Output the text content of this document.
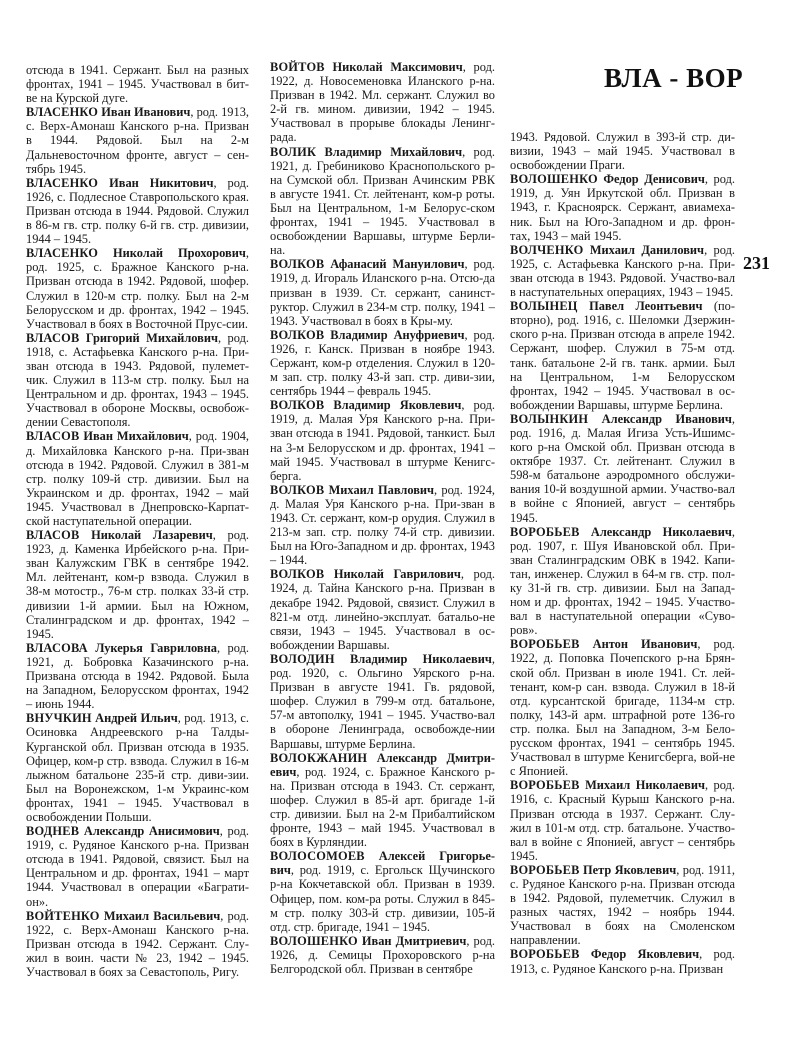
ВЛА - ВОР
231

отсюда в 1941. Сержант. Был на разных фронтах, 1941 – 1945. Участвовал в бит-ве на Курской дуге.

ВЛАСЕНКО Иван Иванович, род. 1913, с. Верх-Амонаш Канского р-на. Призван в 1944. Рядовой. Был на 2-м Дальневосточном фронте, август – сен-тябрь 1945.

ВЛАСЕНКО Иван Никитович, род. 1926, с. Подлесное Ставропольского края. Призван отсюда в 1944. Рядовой. Служил в 86-м гв. стр. полку 6-й гв. стр. дивизии, 1944 – 1945.

ВЛАСЕНКО Николай Прохорович, род. 1925, с. Бражное Канского р-на. Призван отсюда в 1942. Рядовой, шофер. Служил в 120-м стр. полку. Был на 2-м Белорусском и др. фронтах, 1942 – 1945. Участвовал в боях в Восточной Прус-сии.

ВЛАСОВ Григорий Михайлович, род. 1918, с. Астафьевка Канского р-на. При-зван отсюда в 1943. Рядовой, пулемет-чик. Служил в 113-м стр. полку. Был на Центральном и др. фронтах, 1943 – 1945. Участвовал в обороне Москвы, освобож-дении Севастополя.

ВЛАСОВ Иван Михайлович, род. 1904, д. Михайловка Канского р-на. При-зван отсюда в 1942. Рядовой. Служил в 381-м стр. полку 109-й стр. дивизии. Был на Украинском и др. фронтах, 1942 – май 1945. Участвовал в Днепровско-Карпат-ской наступательной операции.

ВЛАСОВ Николай Лазаревич, род. 1923, д. Каменка Ирбейского р-на. При-зван Калужским ГВК в сентябре 1942. Мл. лейтенант, ком-р взвода. Служил в 38-м мотостр., 76-м стр. полках 33-й стр. дивизии 1-й армии. Был на Южном, Сталинградском и др. фронтах, 1942 – 1945.

ВЛАСОВА Лукерья Гавриловна, род. 1921, д. Бобровка Казачинского р-на. Призвана отсюда в 1942. Рядовой. Была на Западном, Белорусском фронтах, 1942 – июнь 1944.

ВНУЧКИН Андрей Ильич, род. 1913, с. Осиновка Андреевского р-на Талды-Курганской обл. Призван отсюда в 1935. Офицер, ком-р стр. взвода. Служил в 16-м лыжном батальоне 235-й стр. диви-зии. Был на Воронежском, 1-м Украинс-ком фронтах, 1941 – 1945. Участвовал в освобождении Польши.

ВОДНЕВ Александр Анисимович, род. 1919, с. Рудяное Канского р-на. Призван отсюда в 1941. Рядовой, связист. Был на Центральном и др. фронтах, 1941 – март 1944. Участвовал в операции «Баграти-он».

ВОЙТЕНКО Михаил Васильевич, род. 1922, с. Верх-Амонаш Канского р-на. Призван отсюда в 1942. Сержант. Слу-жил в воин. части № 23, 1942 – 1945. Участвовал в боях за Севастополь, Ригу.

ВОЙТОВ Николай Максимович, род. 1922, д. Новосеменовка Иланского р-на. Призван в 1942. Мл. сержант. Служил во 2-й гв. мином. дивизии, 1942 – 1945. Участвовал в прорыве блокады Ленинг-рада.

ВОЛИК Владимир Михайлович, род. 1921, д. Гребиниково Краснопольского р-на Сумской обл. Призван Ачинским РВК в августе 1941. Ст. лейтенант, ком-р роты. Был на Центральном, 1-м Белорус-ском фронтах, 1941 – 1945. Участвовал в освобождении Варшавы, штурме Берли-на.

ВОЛКОВ Афанасий Мануилович, род. 1919, д. Игораль Иланского р-на. Отсю-да призван в 1939. Ст. сержант, санинст-руктор. Служил в 234-м стр. полку, 1941 – 1943. Участвовал в боях в Кры-му.

ВОЛКОВ Владимир Ануфриевич, род. 1926, г. Канск. Призван в ноябре 1943. Сержант, ком-р отделения. Служил в 120-м зап. стр. полку 43-й зап. стр. диви-зии, сентябрь 1944 – февраль 1945.

ВОЛКОВ Владимир Яковлевич, род. 1919, д. Малая Уря Канского р-на. При-зван отсюда в 1941. Рядовой, танкист. Был на 3-м Белорусском и др. фронтах, 1941 – май 1945. Участвовал в штурме Кенигс-берга.

ВОЛКОВ Михаил Павлович, род. 1924, д. Малая Уря Канского р-на. При-зван в 1943. Ст. сержант, ком-р орудия. Служил в 213-м зап. стр. полку 74-й стр. дивизии. Был на Юго-Западном и др. фронтах, 1943 – 1944.

ВОЛКОВ Николай Гаврилович, род. 1924, д. Тайна Канского р-на. Призван в декабре 1942. Рядовой, связист. Служил в 821-м отд. линейно-эксплуат. батальо-не связи, 1943 – 1945. Участвовал в ос-вобождении Варшавы.

ВОЛОДИН Владимир Николаевич, род. 1920, с. Ольгино Уярского р-на. Призван в августе 1941. Гв. рядовой, шофер. Служил в 799-м отд. батальоне, 57-м автополку, 1941 – 1945. Участво-вал в обороне Ленинграда, освобожде-нии Варшавы, штурме Берлина.

ВОЛОКЖАНИН Александр Дмитри-евич, род. 1924, с. Бражное Канского р-на. Призван отсюда в 1943. Ст. сержант, шофер. Служил в 85-й арт. бригаде 1-й стр. дивизии. Был на 2-м Прибалтийском фронте, 1943 – май 1945. Участвовал в боях в Курляндии.

ВОЛОСОМОЕВ Алексей Григорье-вич, род. 1919, с. Ергольск Щучинского р-на Кокчетавской обл. Призван в 1939. Офицер, пом. ком-ра роты. Служил в 845-м стр. полку 303-й стр. дивизии, 105-й отд. стр. бригаде, 1941 – 1945.

ВОЛОШЕНКО Иван Дмитриевич, род. 1926, д. Семицы Прохоровского р-на Белгородской обл. Призван в сентябре

1943. Рядовой. Служил в 393-й стр. ди-визии, 1943 – май 1945. Участвовал в освобождении Праги.

ВОЛОШЕНКО Федор Денисович, род. 1919, д. Уян Иркутской обл. Призван в 1943, г. Красноярск. Сержант, авиамеха-ник. Был на Юго-Западном и др. фрон-тах, 1943 – май 1945.

ВОЛЧЕНКО Михаил Данилович, род. 1925, с. Астафьевка Канского р-на. При-зван отсюда в 1943. Рядовой. Участво-вал в наступательных операциях, 1943 – 1945.

ВОЛЫНЕЦ Павел Леонтьевич (по-вторно), род. 1916, с. Шеломки Дзержин-ского р-на. Призван отсюда в апреле 1942. Сержант, шофер. Служил в 75-м отд. танк. батальоне 2-й гв. танк. армии. Был на Центральном, 1-м Белорусском фронтах, 1942 – 1945. Участвовал в ос-вобождении Варшавы, штурме Берлина.

ВОЛЫНКИН Александр Иванович, род. 1916, д. Малая Игиза Усть-Ишимс-кого р-на Омской обл. Призван отсюда в октябре 1937. Ст. лейтенант. Служил в 598-м батальоне аэродромного обслужи-вания 10-й воздушной армии. Участво-вал в войне с Японией, август – сентябрь 1945.

ВОРОБЬЕВ Александр Николаевич, род. 1907, г. Шуя Ивановской обл. При-зван Сталинградским ОВК в 1942. Капи-тан, инженер. Служил в 64-м гв. стр. пол-ку 31-й гв. стр. дивизии. Был на Запад-ном и др. фронтах, 1942 – 1945. Участво-вал в наступательной операции «Суво-ров».

ВОРОБЬЕВ Антон Иванович, род. 1922, д. Поповка Почепского р-на Брян-ской обл. Призван в июле 1941. Ст. лей-тенант, ком-р сан. взвода. Служил в 18-й отд. курсантской бригаде, 1134-м стр. полку, 143-й арм. штрафной роте 136-го стр. полка. Был на Западном, 3-м Бело-русском фронтах, 1941 – сентябрь 1945. Участвовал в штурме Кенигсберга, вой-не с Японией.

ВОРОБЬЕВ Михаил Николаевич, род. 1916, с. Красный Курыш Канского р-на. Призван отсюда в 1937. Сержант. Слу-жил в 101-м отд. стр. батальоне. Участво-вал в войне с Японией, август – сентябрь 1945.

ВОРОБЬЕВ Петр Яковлевич, род. 1911, с. Рудяное Канского р-на. Призван отсюда в 1942. Рядовой, пулеметчик. Служил в разных частях, 1942 – ноябрь 1944. Участвовал в боях на Смоленском направлении.

ВОРОБЬЕВ Федор Яковлевич, род. 1913, с. Рудяное Канского р-на. Призван
